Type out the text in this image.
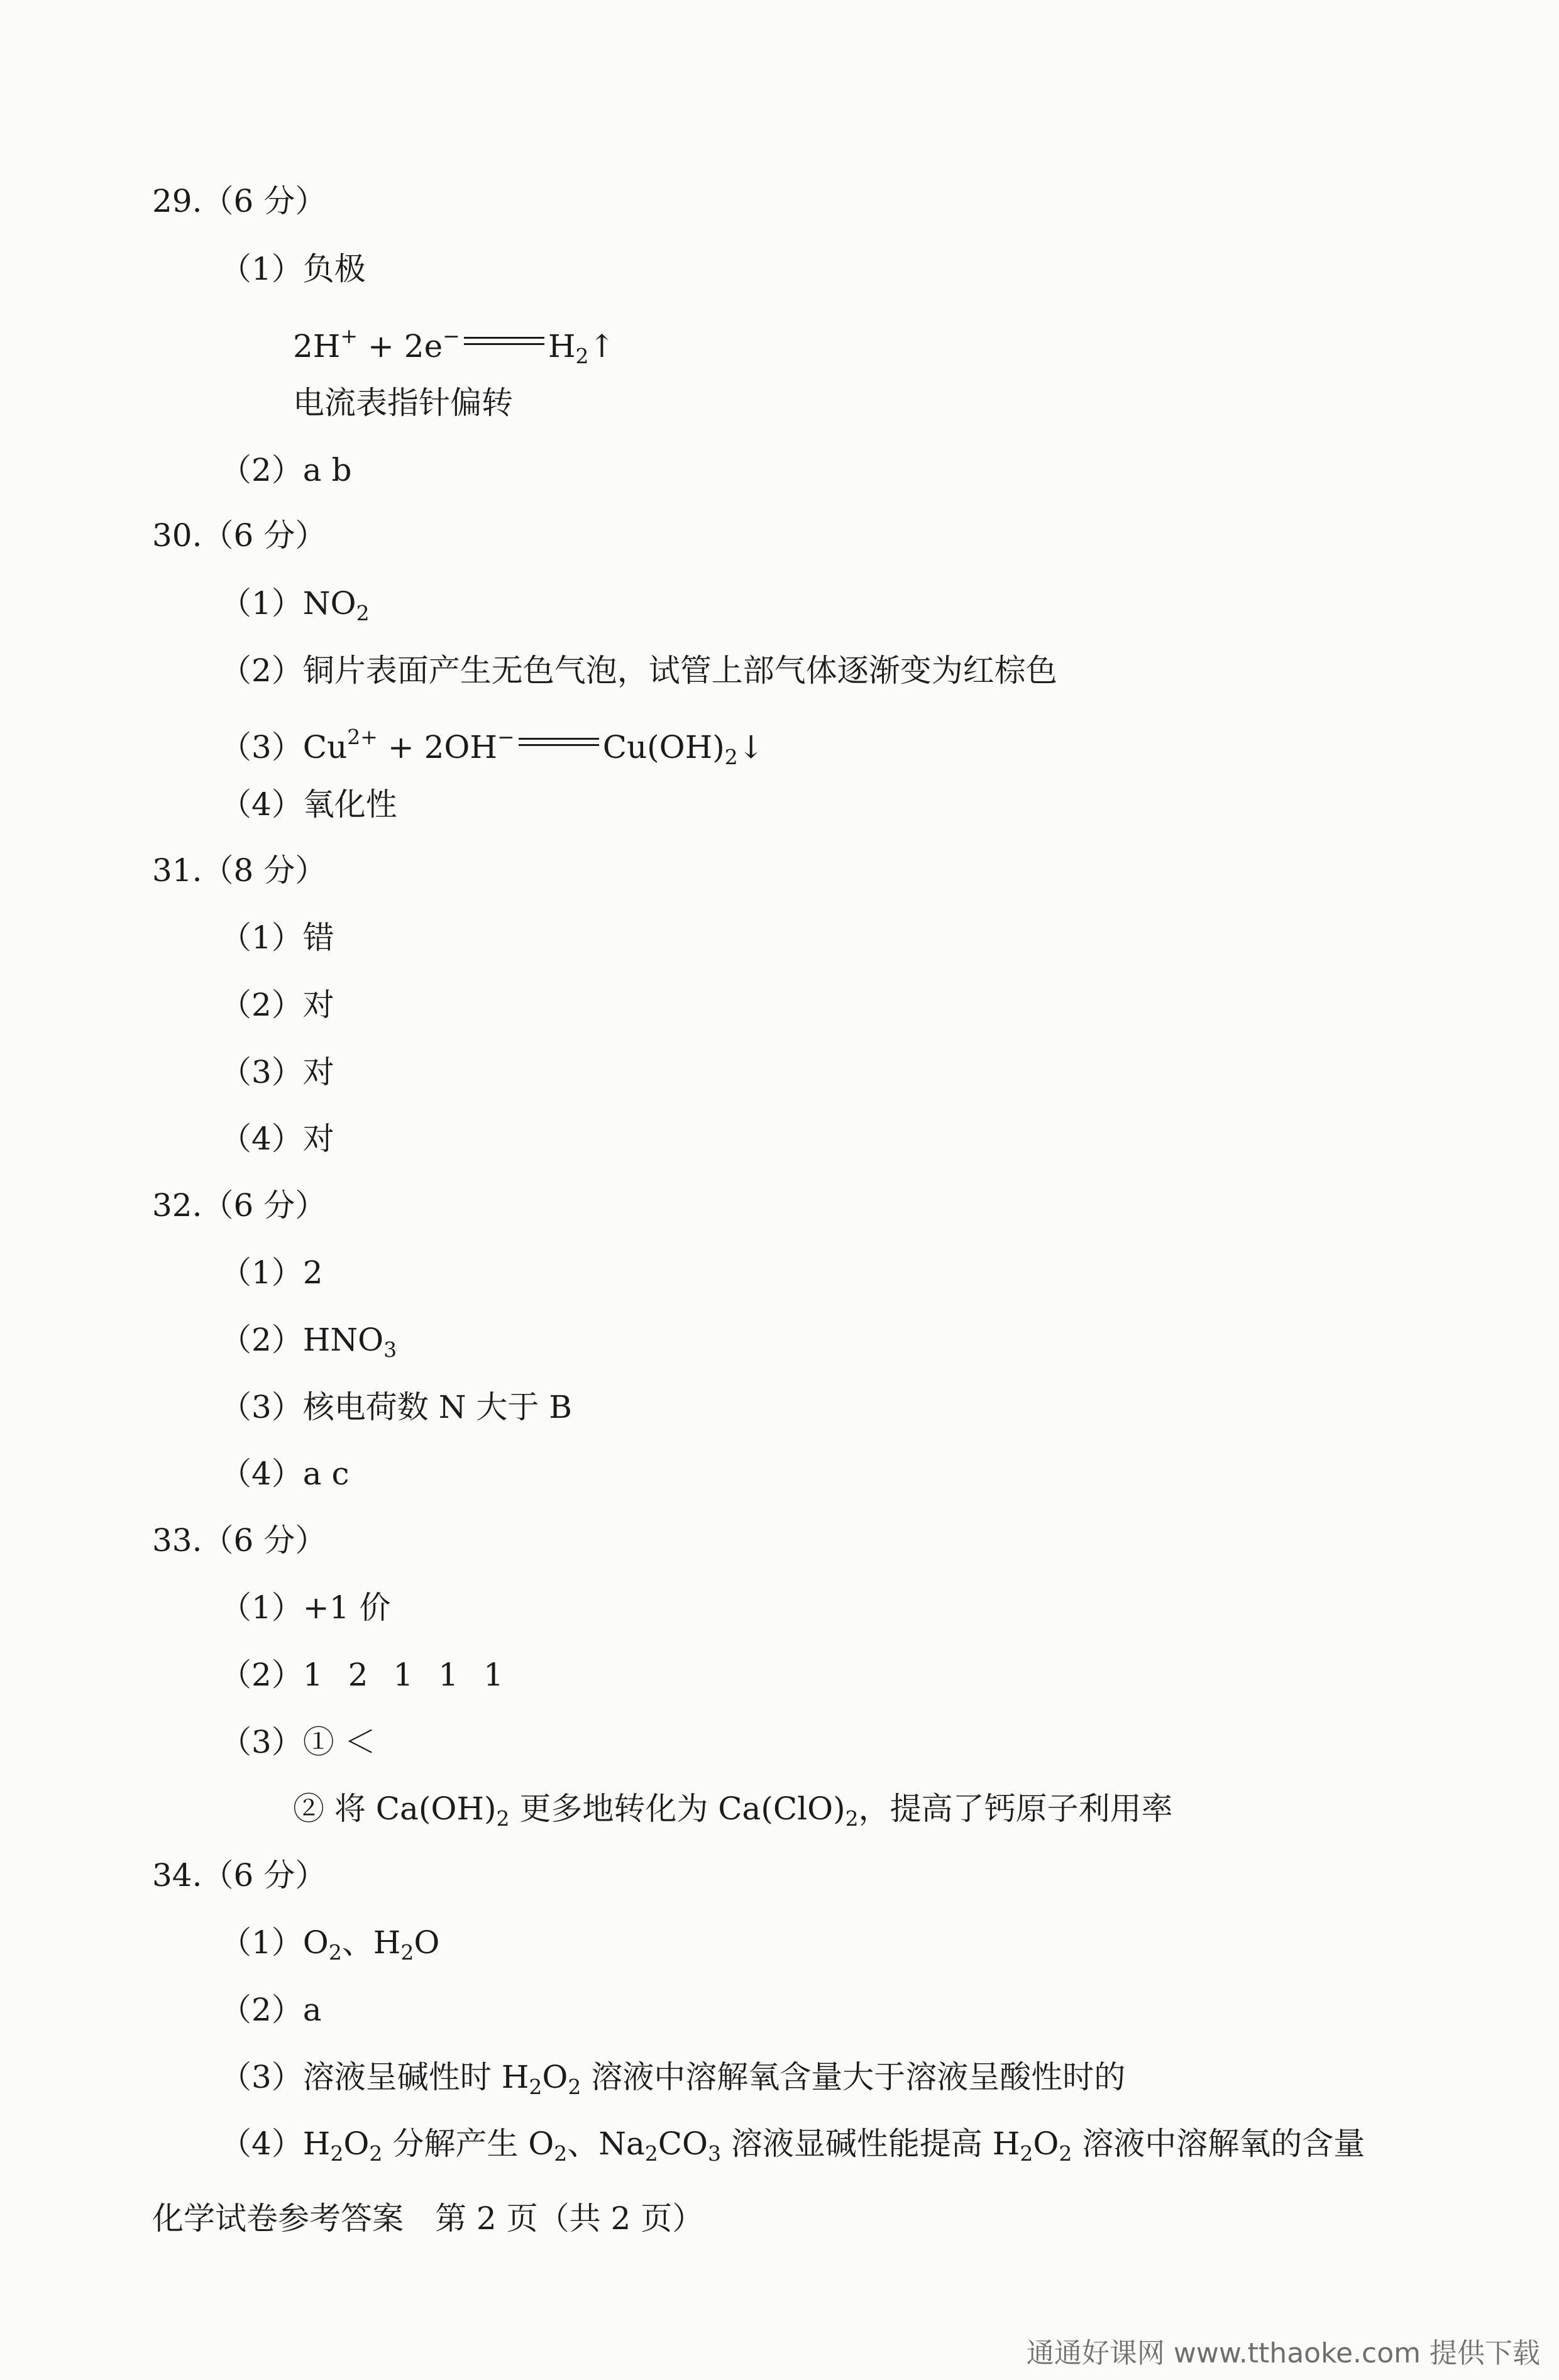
29.（6 分）
（1）负极
2H+ + 2e−	$H_2↑$
电流表指针偏转
（2）a b
30.（6 分）
$(1)NO_2$
（2）铜片表面产生无色气泡，试管上部气体逐渐变为红棕色
$(3)Cu^{2+} + 2OH^-$	$Cu(OH)_2↓$
（4）氧化性
31.（8 分）
（1）错
（2）对
（3）对
（4）对
32.（6 分）
（1）2
$(2)HNO_3$
（3）核电荷数 N 大于 B
（4）a c
33.（6 分）
（1）+1 价
（2）1 2 1 1 1
（3）① ＜
② 将 $Ca(OH)_2$ 更多地转化为 $Ca(ClO)_2$，提高了钙原子利用率
34.（6 分）
$(1)O_2$、$H_2O$
（2）a
（3）溶液呈碱性时 $H_2O_2$ 溶液中溶解氧含量大于溶液呈酸性时的
$(4)H_2O_2$ 分解产生 $O_2$、$Na_2CO_3$ 溶液显碱性能提高 $H_2O_2$ 溶液中溶解氧的含量
化学试卷参考答案　第 2 页（共 2 页）
通通好课网 www.tthaoke.com 提供下载
